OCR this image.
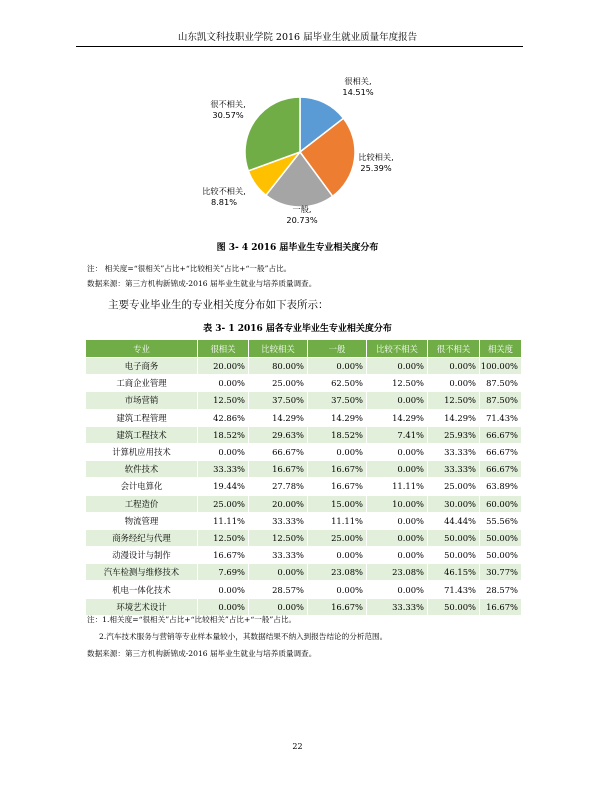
山东凯文科技职业学院 2016 届毕业生就业质量年度报告
很相关,
14.51%
比较相关,
25.39%
一般,
20.73%
比较不相关,
8.81%
很不相关,
30.57%
图 3- 4 2016 届毕业生专业相关度分布
注： 相关度=“很相关”占比+“比较相关”占比+“一般”占比。
数据来源：第三方机构新锦成-2016 届毕业生就业与培养质量调查。
主要专业毕业生的专业相关度分布如下表所示：
表 3- 1 2016 届各专业毕业生专业相关度分布
专业	很相关	比较相关	一般	比较不相关	很不相关	相关度
电子商务	20.00%	80.00%	0.00%	0.00%	0.00%	100.00%
工商企业管理	0.00%	25.00%	62.50%	12.50%	0.00%	87.50%
市场营销	12.50%	37.50%	37.50%	0.00%	12.50%	87.50%
建筑工程管理	42.86%	14.29%	14.29%	14.29%	14.29%	71.43%
建筑工程技术	18.52%	29.63%	18.52%	7.41%	25.93%	66.67%
计算机应用技术	0.00%	66.67%	0.00%	0.00%	33.33%	66.67%
软件技术	33.33%	16.67%	16.67%	0.00%	33.33%	66.67%
会计电算化	19.44%	27.78%	16.67%	11.11%	25.00%	63.89%
工程造价	25.00%	20.00%	15.00%	10.00%	30.00%	60.00%
物流管理	11.11%	33.33%	11.11%	0.00%	44.44%	55.56%
商务经纪与代理	12.50%	12.50%	25.00%	0.00%	50.00%	50.00%
动漫设计与制作	16.67%	33.33%	0.00%	0.00%	50.00%	50.00%
汽车检测与维修技术	7.69%	0.00%	23.08%	23.08%	46.15%	30.77%
机电一体化技术	0.00%	28.57%	0.00%	0.00%	71.43%	28.57%
环境艺术设计	0.00%	0.00%	16.67%	33.33%	50.00%	16.67%
注：1.相关度=“很相关”占比+“比较相关”占比+“一般”占比。
2.汽车技术服务与营销等专业样本量较小，其数据结果不纳入到报告结论的分析范围。
数据来源：第三方机构新锦成-2016 届毕业生就业与培养质量调查。
22
